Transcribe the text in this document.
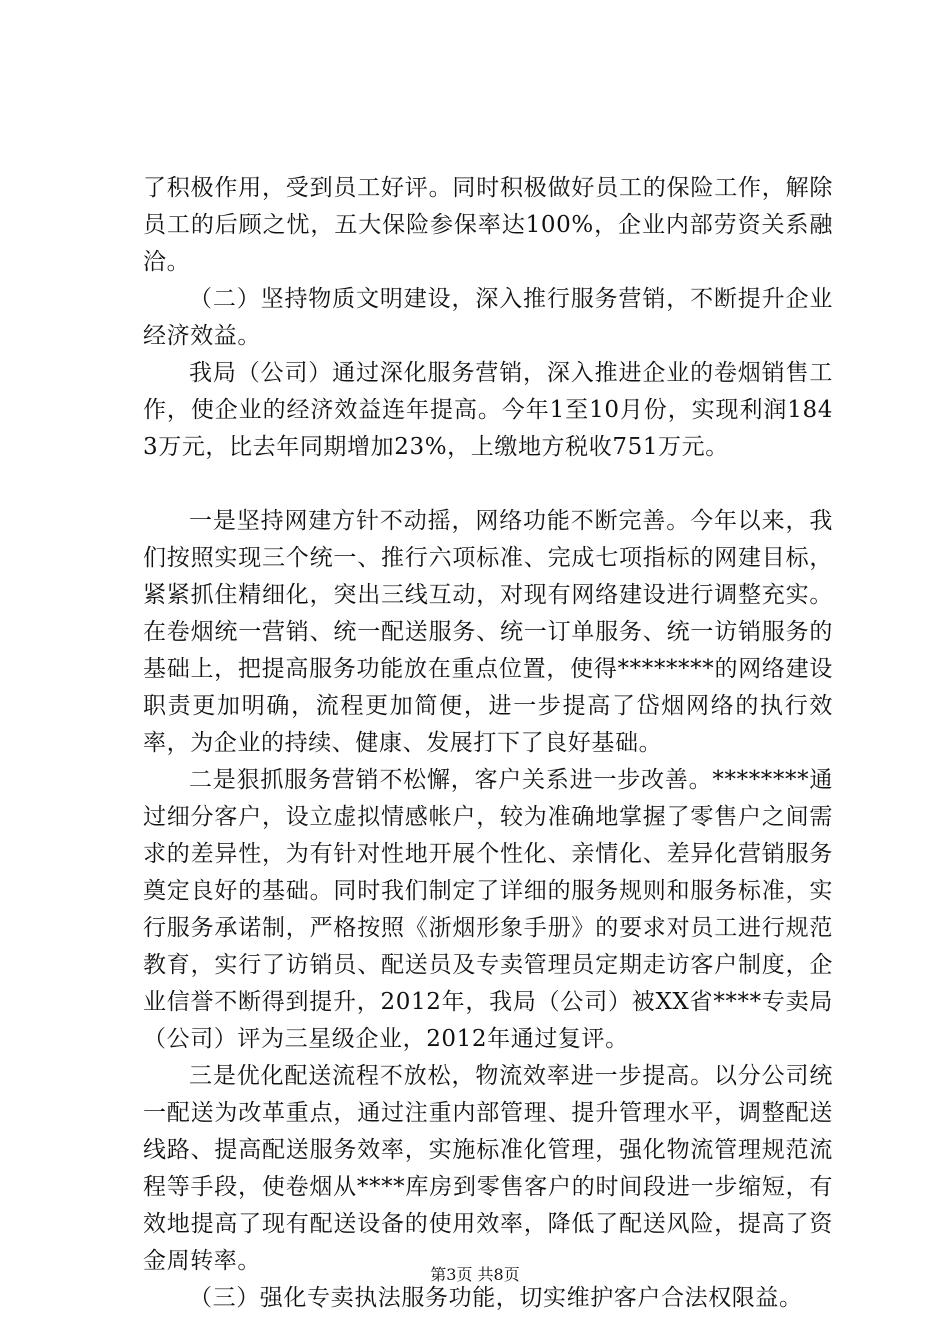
了积极作用，受到员工好评。同时积极做好员工的保险工作，解除员工的后顾之忧，五大保险参保率达100%，企业内部劳资关系融洽。

（二）坚持物质文明建设，深入推行服务营销，不断提升企业经济效益。

我局（公司）通过深化服务营销，深入推进企业的卷烟销售工作，使企业的经济效益连年提高。今年1至10月份，实现利润1843万元，比去年同期增加23%，上缴地方税收751万元。

一是坚持网建方针不动摇，网络功能不断完善。今年以来，我们按照实现三个统一、推行六项标准、完成七项指标的网建目标，紧紧抓住精细化，突出三线互动，对现有网络建设进行调整充实。在卷烟统一营销、统一配送服务、统一订单服务、统一访销服务的基础上，把提高服务功能放在重点位置，使得********的网络建设职责更加明确，流程更加简便，进一步提高了岱烟网络的执行效率，为企业的持续、健康、发展打下了良好基础。

二是狠抓服务营销不松懈，客户关系进一步改善。********通过细分客户，设立虚拟情感帐户，较为准确地掌握了零售户之间需求的差异性，为有针对性地开展个性化、亲情化、差异化营销服务奠定良好的基础。同时我们制定了详细的服务规则和服务标准，实行服务承诺制，严格按照《浙烟形象手册》的要求对员工进行规范教育，实行了访销员、配送员及专卖管理员定期走访客户制度，企业信誉不断得到提升，2012年，我局（公司）被XX省****专卖局（公司）评为三星级企业，2012年通过复评。

三是优化配送流程不放松，物流效率进一步提高。以分公司统一配送为改革重点，通过注重内部管理、提升管理水平，调整配送线路、提高配送服务效率，实施标准化管理，强化物流管理规范流程等手段，使卷烟从****库房到零售客户的时间段进一步缩短，有效地提高了现有配送设备的使用效率，降低了配送风险，提高了资金周转率。

（三）强化专卖执法服务功能，切实维护客户合法权限益。

第3页 共8页
